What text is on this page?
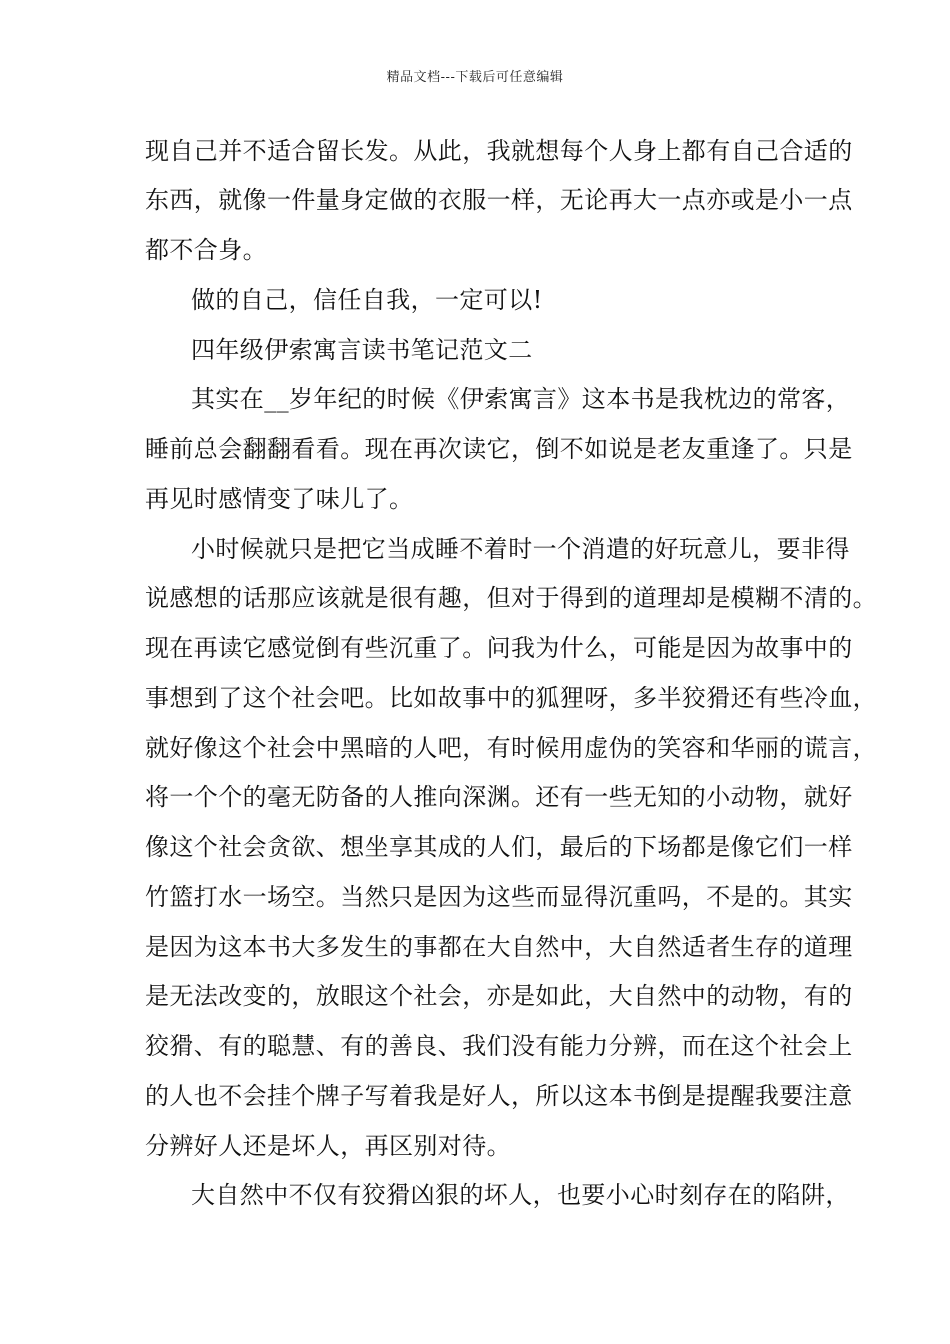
精品文档---下载后可任意编辑
现自己并不适合留长发。从此，我就想每个人身上都有自己合适的
东西，就像一件量身定做的衣服一样，无论再大一点亦或是小一点
都不合身。
做的自己，信任自我，一定可以!
四年级伊索寓言读书笔记范文二
其实在__岁年纪的时候《伊索寓言》这本书是我枕边的常客，
睡前总会翻翻看看。现在再次读它，倒不如说是老友重逢了。只是
再见时感情变了味儿了。
小时候就只是把它当成睡不着时一个消遣的好玩意儿，要非得
说感想的话那应该就是很有趣，但对于得到的道理却是模糊不清的。
现在再读它感觉倒有些沉重了。问我为什么，可能是因为故事中的
事想到了这个社会吧。比如故事中的狐狸呀，多半狡猾还有些冷血，
就好像这个社会中黑暗的人吧，有时候用虚伪的笑容和华丽的谎言，
将一个个的毫无防备的人推向深渊。还有一些无知的小动物，就好
像这个社会贪欲、想坐享其成的人们，最后的下场都是像它们一样
竹篮打水一场空。当然只是因为这些而显得沉重吗，不是的。其实
是因为这本书大多发生的事都在大自然中，大自然适者生存的道理
是无法改变的，放眼这个社会，亦是如此，大自然中的动物，有的
狡猾、有的聪慧、有的善良、我们没有能力分辨，而在这个社会上
的人也不会挂个牌子写着我是好人，所以这本书倒是提醒我要注意
分辨好人还是坏人，再区别对待。
大自然中不仅有狡猾凶狠的坏人，也要小心时刻存在的陷阱，
